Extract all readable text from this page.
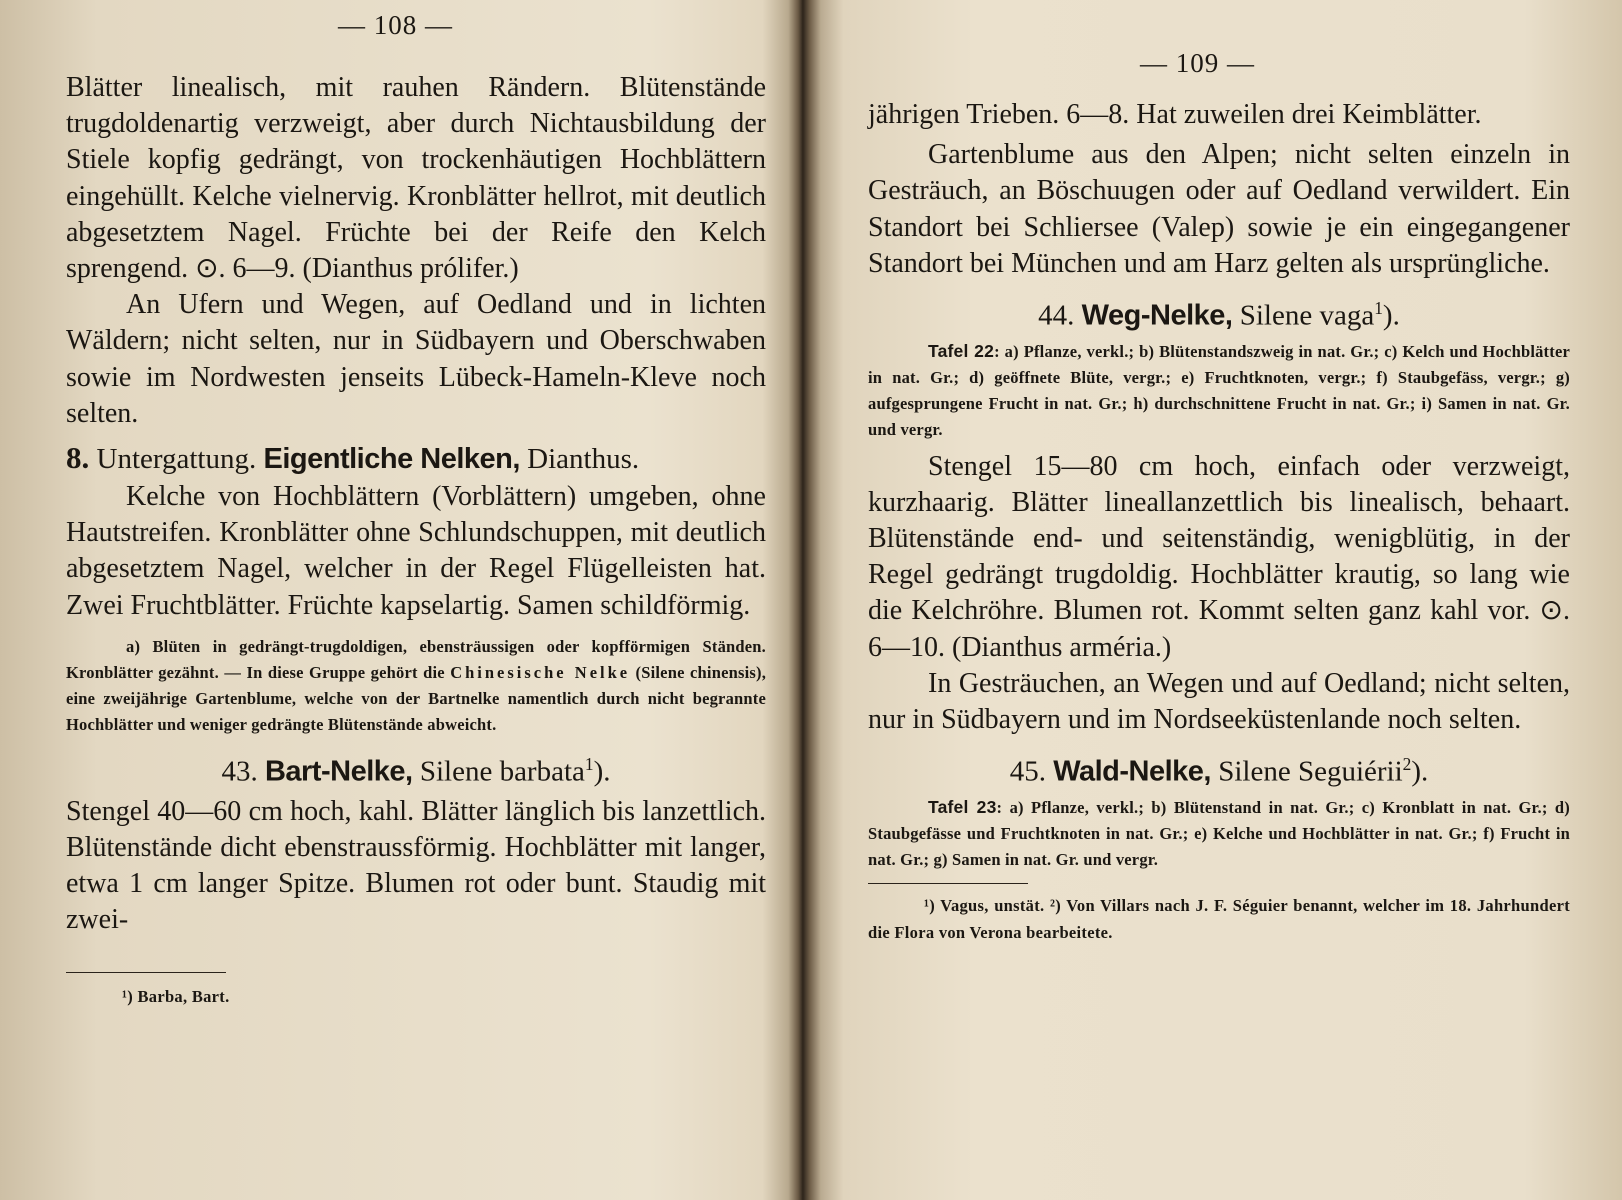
— 108 —

Blätter linealisch, mit rauhen Rändern. Blütenstände trugdoldenartig verzweigt, aber durch Nichtausbildung der Stiele kopfig gedrängt, von trockenhäutigen Hochblättern eingehüllt. Kelche vielnervig. Kronblätter hellrot, mit deutlich abgesetztem Nagel. Früchte bei der Reife den Kelch sprengend. ⊙. 6—9. (Dianthus prólifer.)

An Ufern und Wegen, auf Oedland und in lichten Wäldern; nicht selten, nur in Südbayern und Oberschwaben sowie im Nordwesten jenseits Lübeck-Hameln-Kleve noch selten.

8. Untergattung. Eigentliche Nelken, Dianthus.

Kelche von Hochblättern (Vorblättern) umgeben, ohne Hautstreifen. Kronblätter ohne Schlundschuppen, mit deutlich abgesetztem Nagel, welcher in der Regel Flügelleisten hat. Zwei Fruchtblätter. Früchte kapselartig. Samen schildförmig.

a) Blüten in gedrängt-trugdoldigen, ebensträussigen oder kopfförmigen Ständen. Kronblätter gezähnt. — In diese Gruppe gehört die Chinesische Nelke (Silene chinensis), eine zweijährige Gartenblume, welche von der Bartnelke namentlich durch nicht begrannte Hochblätter und weniger gedrängte Blütenstände abweicht.

43. Bart-Nelke, Silene barbata$^1$).

Stengel 40—60 cm hoch, kahl. Blätter länglich bis lanzettlich. Blütenstände dicht ebenstraussförmig. Hochblätter mit langer, etwa 1 cm langer Spitze. Blumen rot oder bunt. Staudig mit zwei-

¹) Barba, Bart.

— 109 —

jährigen Trieben. 6—8. Hat zuweilen drei Keimblätter.

Gartenblume aus den Alpen; nicht selten einzeln in Gesträuch, an Böschuugen oder auf Oedland verwildert. Ein Standort bei Schliersee (Valep) sowie je ein eingegangener Standort bei München und am Harz gelten als ursprüngliche.

44. Weg-Nelke, Silene vaga$^1$).

Tafel 22: a) Pflanze, verkl.; b) Blütenstandszweig in nat. Gr.; c) Kelch und Hochblätter in nat. Gr.; d) geöffnete Blüte, vergr.; e) Fruchtknoten, vergr.; f) Staubgefäss, vergr.; g) aufgesprungene Frucht in nat. Gr.; h) durchschnittene Frucht in nat. Gr.; i) Samen in nat. Gr. und vergr.

Stengel 15—80 cm hoch, einfach oder verzweigt, kurzhaarig. Blätter lineallanzettlich bis linealisch, behaart. Blütenstände end- und seitenständig, wenigblütig, in der Regel gedrängt trugdoldig. Hochblätter krautig, so lang wie die Kelchröhre. Blumen rot. Kommt selten ganz kahl vor. ⊙. 6—10. (Dianthus arméria.)

In Gesträuchen, an Wegen und auf Oedland; nicht selten, nur in Südbayern und im Nordseeküstenlande noch selten.

45. Wald-Nelke, Silene Seguiérii$^2$).

Tafel 23: a) Pflanze, verkl.; b) Blütenstand in nat. Gr.; c) Kronblatt in nat. Gr.; d) Staubgefässe und Fruchtknoten in nat. Gr.; e) Kelche und Hochblätter in nat. Gr.; f) Frucht in nat. Gr.; g) Samen in nat. Gr. und vergr.

¹) Vagus, unstät. ²) Von Villars nach J. F. Séguier benannt, welcher im 18. Jahrhundert die Flora von Verona bearbeitete.
